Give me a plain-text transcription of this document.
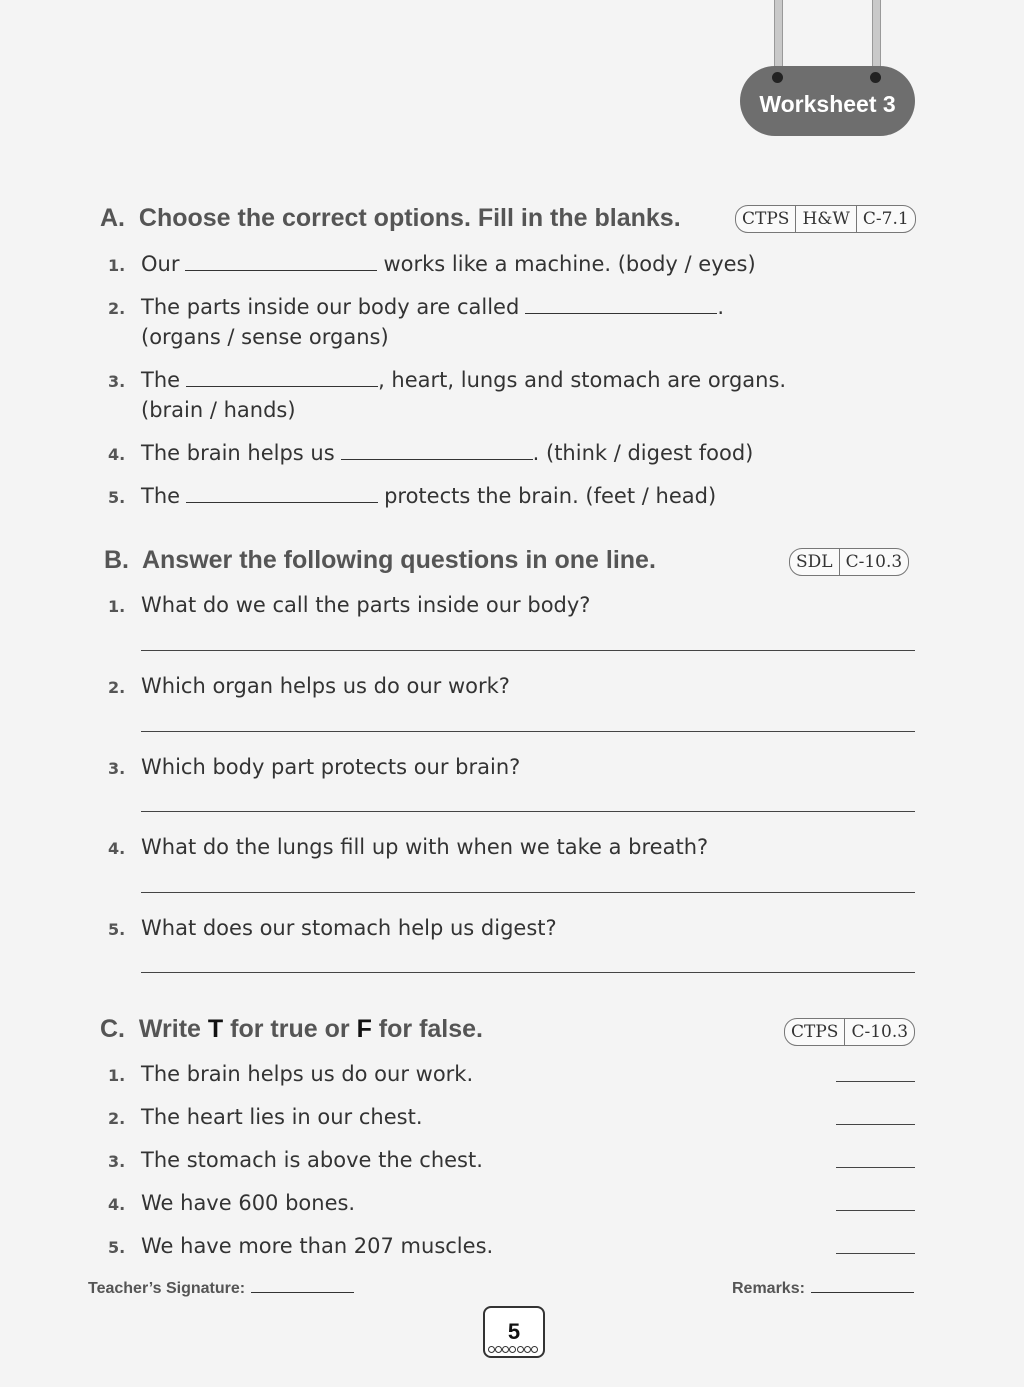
Worksheet 3
A. Choose the correct options. Fill in the blanks.	CTPS H&W C-7.1
1. Our	works like a machine. (body / eyes)
2. The parts inside our body are called	.
(organs / sense organs)
3. The	, heart, lungs and stomach are organs.
(brain / hands)
4. The brain helps us	. (think / digest food)
5. The	protects the brain. (feet / head)
B. Answer the following questions in one line.	SDL C-10.3
1. What do we call the parts inside our body?
2. Which organ helps us do our work?
3. Which body part protects our brain?
4. What do the lungs fill up with when we take a breath?
5. What does our stomach help us digest?
C. Write T for true or F for false.	CTPS C-10.3
1. The brain helps us do our work.
2. The heart lies in our chest.
3. The stomach is above the chest.
4. We have 600 bones.
5. We have more than 207 muscles.
Teacher’s Signature:	Remarks:
5
